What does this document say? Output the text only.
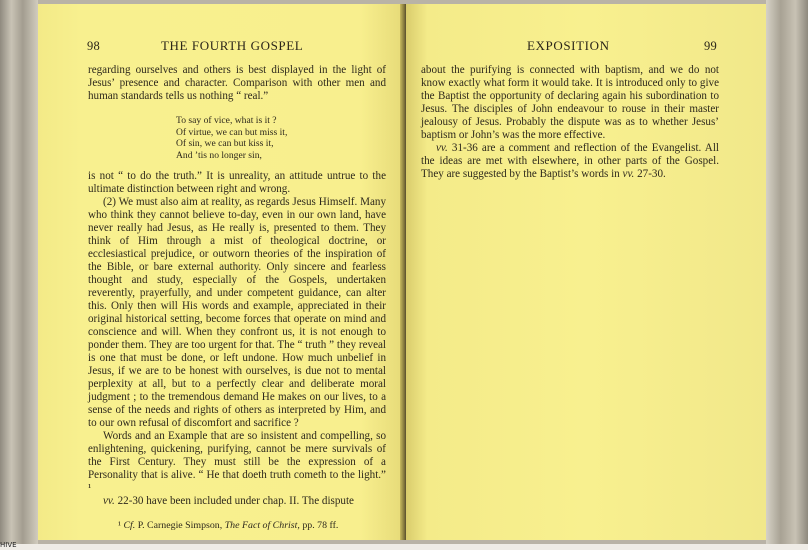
98	THE FOURTH GOSPEL

regarding ourselves and others is best displayed in the light of Jesus’ presence and character. Comparison with other men and human standards tells us nothing “ real.”

To say of vice, what is it ?
Of virtue, we can but miss it,
Of sin, we can but kiss it,
And ’tis no longer sin,

is not “ to do the truth.” It is unreality, an attitude untrue to the ultimate distinction between right and wrong.

(2) We must also aim at reality, as regards Jesus Himself. Many who think they cannot believe to-day, even in our own land, have never really had Jesus, as He really is, presented to them. They think of Him through a mist of theological doctrine, or ecclesiastical prejudice, or outworn theories of the inspiration of the Bible, or bare external authority. Only sincere and fearless thought and study, especially of the Gospels, undertaken reverently, prayerfully, and under competent guidance, can alter this. Only then will His words and example, appreciated in their original historical setting, become forces that operate on mind and conscience and will. When they confront us, it is not enough to ponder them. They are too urgent for that. The “ truth ” they reveal is one that must be done, or left undone. How much unbelief in Jesus, if we are to be honest with ourselves, is due not to mental perplexity at all, but to a perfectly clear and deliberate moral judgment ; to the tremendous demand He makes on our lives, to a sense of the needs and rights of others as interpreted by Him, and to our own refusal of discomfort and sacrifice ?

Words and an Example that are so insistent and compelling, so enlightening, quickening, purifying, cannot be mere survivals of the First Century. They must still be the expression of a Personality that is alive. “ He that doeth truth cometh to the light.” ¹

vv. 22-30 have been included under chap. II. The dispute

¹ Cf. P. Carnegie Simpson, The Fact of Christ, pp. 78 ff.
EXPOSITION	99

about the purifying is connected with baptism, and we do not know exactly what form it would take. It is introduced only to give the Baptist the opportunity of declaring again his subordination to Jesus. The disciples of John endeavour to rouse in their master jealousy of Jesus. Probably the dispute was as to whether Jesus’ baptism or John’s was the more effective.

vv. 31-36 are a comment and reflection of the Evangelist. All the ideas are met with elsewhere, in other parts of the Gospel. They are suggested by the Baptist’s words in vv. 27-30.

HIVE
